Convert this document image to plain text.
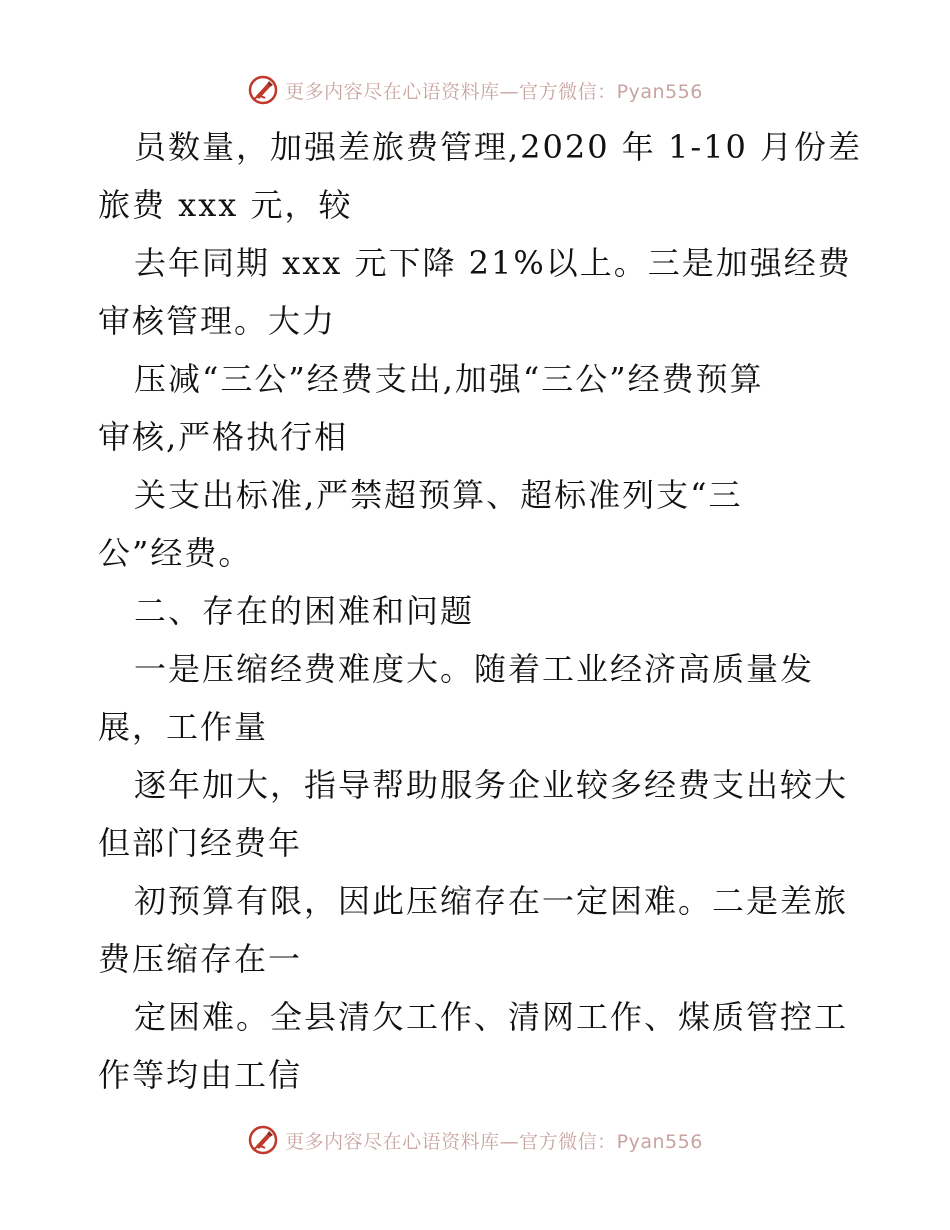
更多内容尽在心语资料库—官方微信：Pyan556
员数量，加强差旅费管理,2020 年 1-10 月份差
旅费 xxx 元，较
去年同期 xxx 元下降 21%以上。三是加强经费
审核管理。大力
压减“三公”经费支出,加强“三公”经费预算
审核,严格执行相
关支出标准,严禁超预算、超标准列支“三
公”经费。
二、存在的困难和问题
一是压缩经费难度大。随着工业经济高质量发
展，工作量
逐年加大，指导帮助服务企业较多经费支出较大
但部门经费年
初预算有限，因此压缩存在一定困难。二是差旅
费压缩存在一
定困难。全县清欠工作、清网工作、煤质管控工
作等均由工信
更多内容尽在心语资料库—官方微信：Pyan556
